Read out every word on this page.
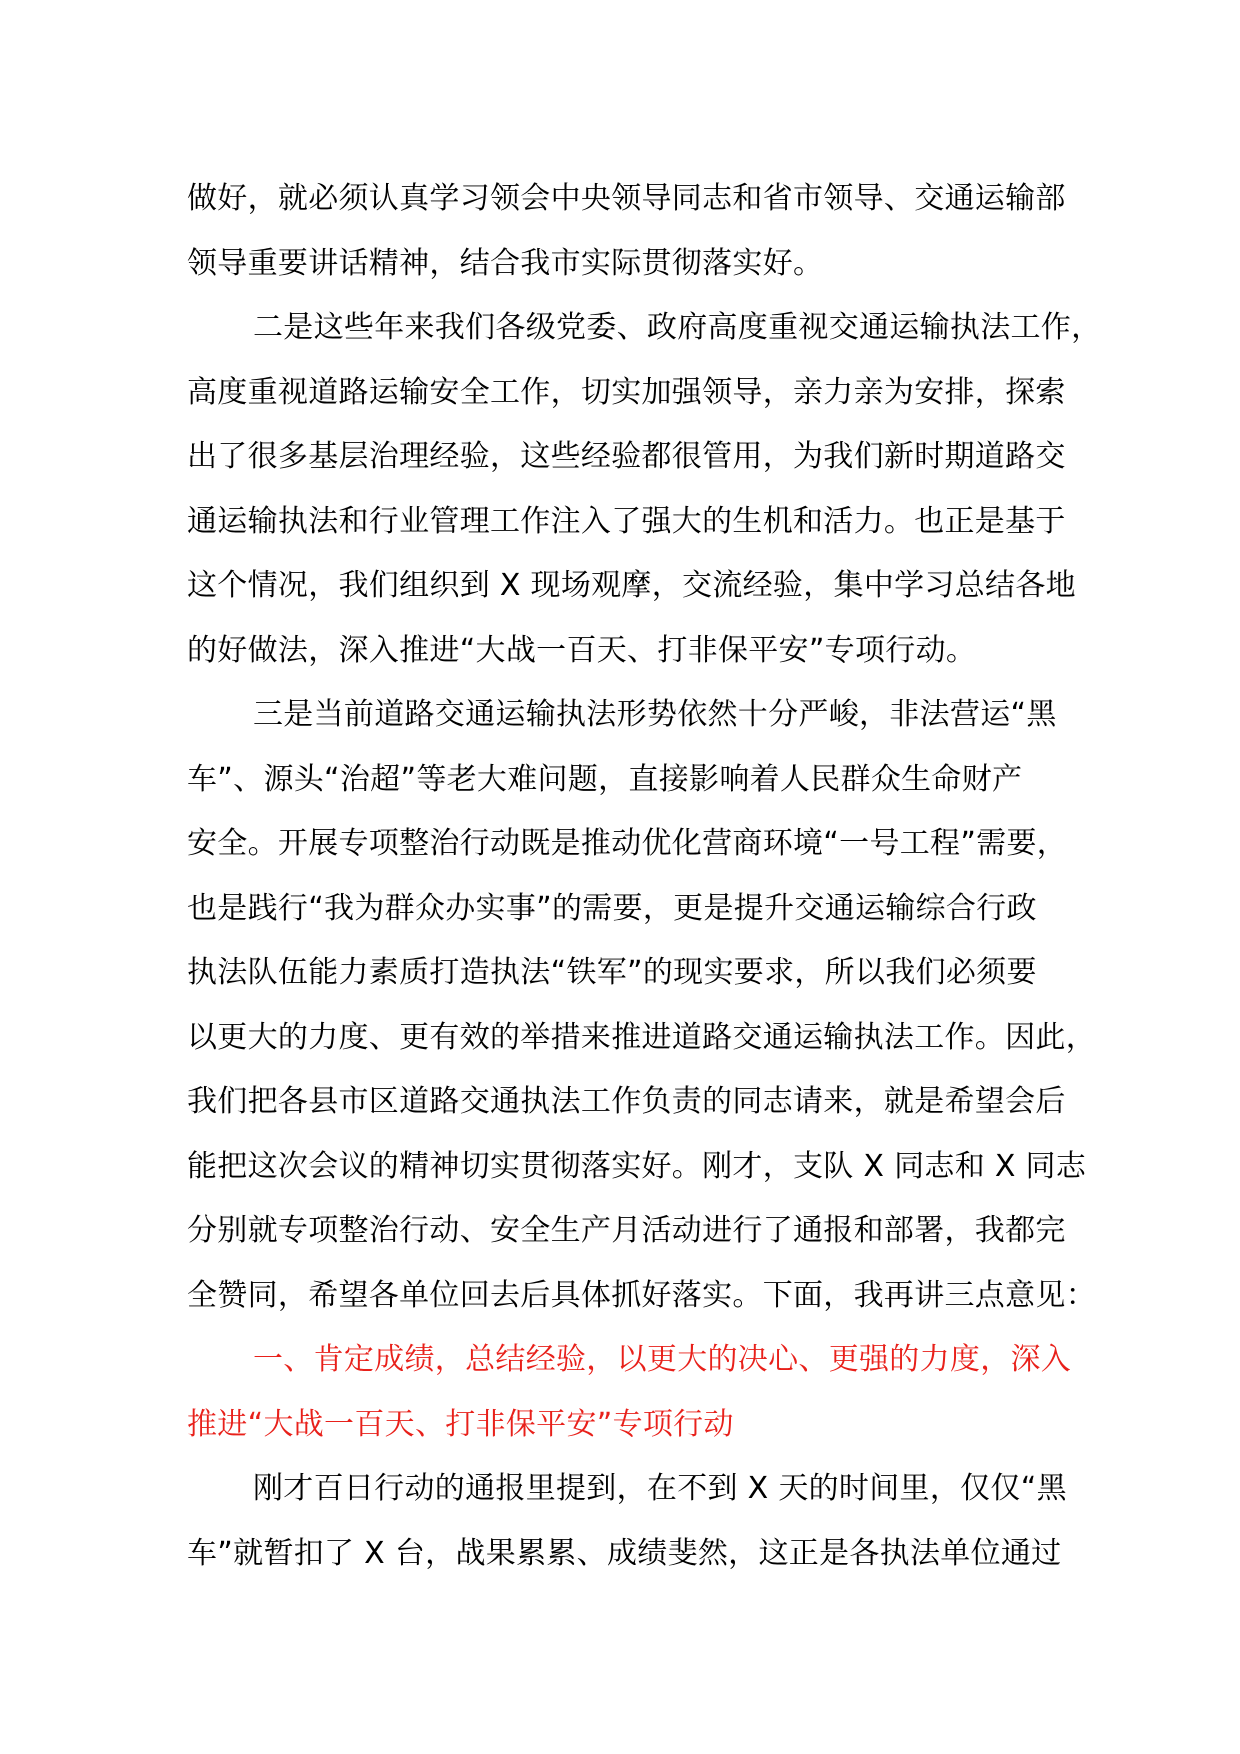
做好，就必须认真学习领会中央领导同志和省市领导、交通运输部
领导重要讲话精神，结合我市实际贯彻落实好。
二是这些年来我们各级党委、政府高度重视交通运输执法工作，
高度重视道路运输安全工作，切实加强领导，亲力亲为安排，探索
出了很多基层治理经验，这些经验都很管用，为我们新时期道路交
通运输执法和行业管理工作注入了强大的生机和活力。也正是基于
这个情况，我们组织到 X 现场观摩，交流经验，集中学习总结各地
的好做法，深入推进“大战一百天、打非保平安”专项行动。
三是当前道路交通运输执法形势依然十分严峻，非法营运“黑
车”、源头“治超”等老大难问题，直接影响着人民群众生命财产
安全。开展专项整治行动既是推动优化营商环境“一号工程”需要，
也是践行“我为群众办实事”的需要，更是提升交通运输综合行政
执法队伍能力素质打造执法“铁军”的现实要求，所以我们必须要
以更大的力度、更有效的举措来推进道路交通运输执法工作。因此，
我们把各县市区道路交通执法工作负责的同志请来，就是希望会后
能把这次会议的精神切实贯彻落实好。刚才，支队 X 同志和 X 同志
分别就专项整治行动、安全生产月活动进行了通报和部署，我都完
全赞同，希望各单位回去后具体抓好落实。下面，我再讲三点意见：
一、肯定成绩，总结经验，以更大的决心、更强的力度，深入
推进“大战一百天、打非保平安”专项行动
刚才百日行动的通报里提到，在不到 X 天的时间里，仅仅“黑
车”就暂扣了 X 台，战果累累、成绩斐然，这正是各执法单位通过
